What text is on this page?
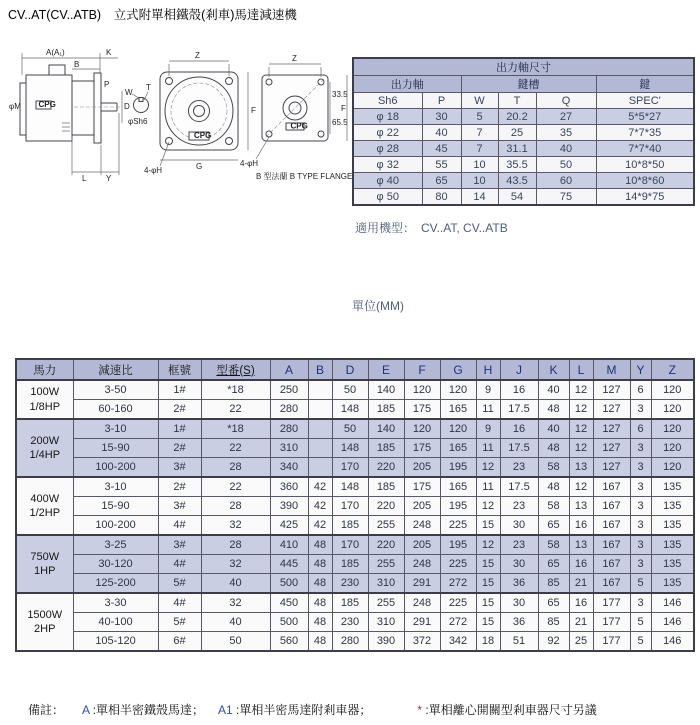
CV..AT(CV..ATB)　立式附單相鐵殼(剎車)馬達減速機
A(A₁)
B
K
CPG
φM
P
D
L Y
W
T
φSh6
CPG
Z
F
G
4-φH
CPG
Z
33.5
65.5
F
4-φH
B 型法蘭 B TYPE FLANGE
出力軸尺寸					
出力軸		鍵槽			鍵
Sh6	P	W	T	Q	SPEC'
φ 18	30	5	20.2	27	5*5*27
φ 22	40	7	25	35	7*7*35
φ 28	45	7	31.1	40	7*7*40
φ 32	55	10	35.5	50	10*8*50
φ 40	65	10	43.5	60	10*8*60
φ 50	80	14	54	75	14*9*75
適用機型： CV..AT, CV..ATB
單位(MM)
馬力	減速比	框號	型番(S)	A	B	D	E	F	G	H	J	K	L	M	Y	Z

100W
1/8HP	3-50	1#	*18	250		50	140	120	120	9	16	40	12	127	6	120
	60-160	2#	22	280		148	185	175	165	11	17.5	48	12	127	3	120

200W
1/4HP	3-10	1#	*18	280		50	140	120	120	9	16	40	12	127	6	120
	15-90	2#	22	310		148	185	175	165	11	17.5	48	12	127	3	120
	100-200	3#	28	340		170	220	205	195	12	23	58	13	127	3	120

400W
1/2HP	3-10	2#	22	360	42	148	185	175	165	11	17.5	48	12	167	3	135
	15-90	3#	28	390	42	170	220	205	195	12	23	58	13	167	3	135
	100-200	4#	32	425	42	185	255	248	225	15	30	65	16	167	3	135

750W
1HP	3-25	3#	28	410	48	170	220	205	195	12	23	58	13	167	3	135
	30-120	4#	32	445	48	185	255	248	225	15	30	65	16	167	3	135
	125-200	5#	40	500	48	230	310	291	272	15	36	85	21	167	5	135

1500W
2HP	3-30	4#	32	450	48	185	255	248	225	15	30	65	16	177	3	146
	40-100	5#	40	500	48	230	310	291	272	15	36	85	21	177	5	146
	105-120	6#	50	560	48	280	390	372	342	18	51	92	25	177	5	146
備註： A :單相半密鐵殼馬達； A1 :單相半密馬達附剎車器；	* :單相離心開關型剎車器尺寸另議
